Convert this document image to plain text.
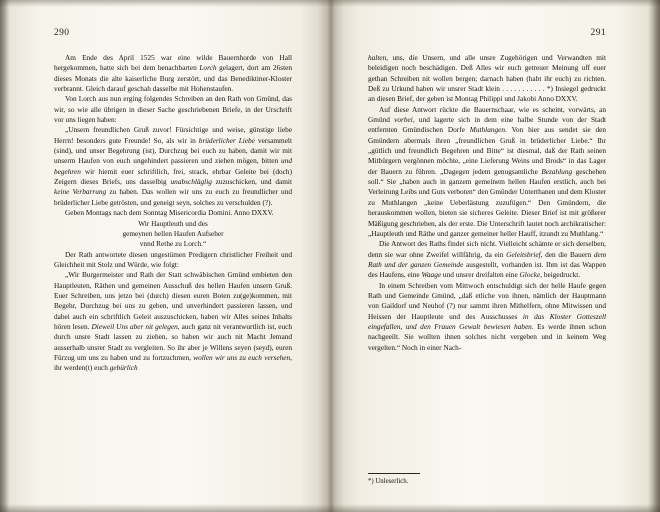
290

Am Ende des April 1525 war eine wilde Bauernhorde von Hall hergekommen, hatte sich bei dem benachbarten Lorch gelagert, dort am 26sten dieses Monats die alte kaiserliche Burg zerstört, und das Benediktiner-Kloster verbrannt. Gleich darauf geschah dasselbe mit Hohenstaufen.

Von Lorch aus nun erging folgendes Schreiben an den Rath von Gmünd, das wir, so wie alle übrigen in dieser Sache geschriebenen Briefe, in der Urschrift vor uns liegen haben:

„Unsern freundlichen Gruß zuvor! Fürsichtige und weise, günstige liebe Herrn! besonders gute Freunde! So, als wir in brüderlicher Liebe versammelt (sind), und unser Begehrung (ist), Durchzug bei euch zu haben, damit wir mit unserm Haufen von euch ungehindert passieren und ziehen mögen, bitten und begehren wir hiemit euer schriftlich, frei, strack, ehrbar Geleite bei (doch) Zeigern dieses Briefs, uns dasselbig unabschläglig zuzuschicken, und damit keine Verbarrung zu haben. Das wollen wir uns zu euch zu freundlicher und brüderlicher Liebe getrösten, und geneigt seyn, solches zu verschulden (?).

Geben Montags nach dem Sonntag Misericordia Domini. Anno DXXV.

Wir Hauptleuth und des

gemeynen hellen Haufen Aufseher

vnnd Rethe zu Lorch.“

Der Rath antwortete diesen ungestümen Predigern christlicher Freiheit und Gleichheit mit Stolz und Würde, wie folgt:

„Wir Burgermeister und Rath der Statt schwäbischen Gmünd embieten den Hauptleuten, Räthen und gemeinen Ausschuß des hellen Haufen unsern Gruß. Euer Schreiben, uns jetzo bei (durch) diesen euren Boten zu(ge)kommen, mit Begehr, Durchzug bei uns zu geben, und unverhindert passieren lassen, und dabei auch ein schriftlich Geleit auszuschicken, haben wir Alles seines Inhalts hören lesen. Dieweil Uns aber nit gelegen, auch ganz nit verantwurtlich ist, euch durch unsre Stadt lassen zu ziehen, so haben wir auch nit Macht Jemand ausserhalb unsrer Stadt zu vergleiten. So ihr aber je Willens seyen (seyd), euren Fürzug um uns zu haben und zu fortzuchmen, wollen wir uns zu euch versehen, ihr werden(t) euch gebürlich

291

halten, uns, die Unsern, und alle unsre Zugehörigen und Verwandten mit beleidigen noch beschädigen. Deß Alles wir euch getreuer Meinung uff euer gethan Schreiben nit wollen bergen; darnach haben (habt ihr euch) zu richten. Deß zu Urkund haben wir unsrer Stadt klein . . . . . . . . . . . *) Insiegel gedruckt an diesen Brief, der geben ist Montag Philippi und Jakobi Anno DXXV.

Auf diese Antwort rückte die Bauernschaar, wie es scheint, vorwärts, an Gmünd vorbei, und lagerte sich in dem eine halbe Stunde von der Stadt entfernten Gmündischen Dorfe Muthlangen. Von hier aus sendet sie den Gmündern abermals ihren „freundlichen Gruß in brüderlicher Liebe.“ Ihr „gütlich und freundlich Begehren und Bitte“ ist diesmal, daß der Rath seinen Mitbürgern vergönnen möchte, „eine Lieferung Weins und Brods“ in das Lager der Bauern zu führen. „Dagegen jedem genugsamliche Bezahlung geschehen soll.“ Sie „haben auch in ganzem gemeinem hellen Haufen erstlich, auch bei Verleirung Leibs und Guts verboten“ den Gmünder Unterthanen und dem Kloster zu Muthlangen „keine Ueberlästung zuzufügen.“ Den Gmündern, die herauskommen wollen, bieten sie sicheres Geleite. Dieser Brief ist mit größerer Mäßigung geschrieben, als der erste. Die Unterschrift lautet noch archikratischer: „Hauptleuth und Räthe und ganzer gemeiner heller Hauff, itzundt zu Muthlang.“

Die Antwort des Raths findet sich nicht. Vielleicht schämte er sich derselben, denn sie war ohne Zweifel willfährig, da ein Geleitsbrief, den die Bauern dem Rath und der ganzen Gemeinde ausgestellt, vorhanden ist. Ihm ist das Wappen des Haufens, eine Waage und unsrer dreifalten eine Glocke, beigedruckt.

In einem Schreiben vom Mittwoch entschuldigt sich der helle Haufe gegen Rath und Gemeinde Gmünd, „daß etliche von ihnen, nämlich der Hauptmann von Gaildorf und Neuhof (?) nur sammt ihren Mithelfern, ohne Mitwissen und Heissen der Hauptleute und des Ausschusses in das Kloster Gotteszell eingefallen, und den Frauen Gewalt bewiesen haben. Es werde ihnen schon nachgeeilt. Sie wollten ihnen solches nicht vergeben und in keinem Weg vergelten.“ Noch in einer Nach-

*) Unleserlich.
